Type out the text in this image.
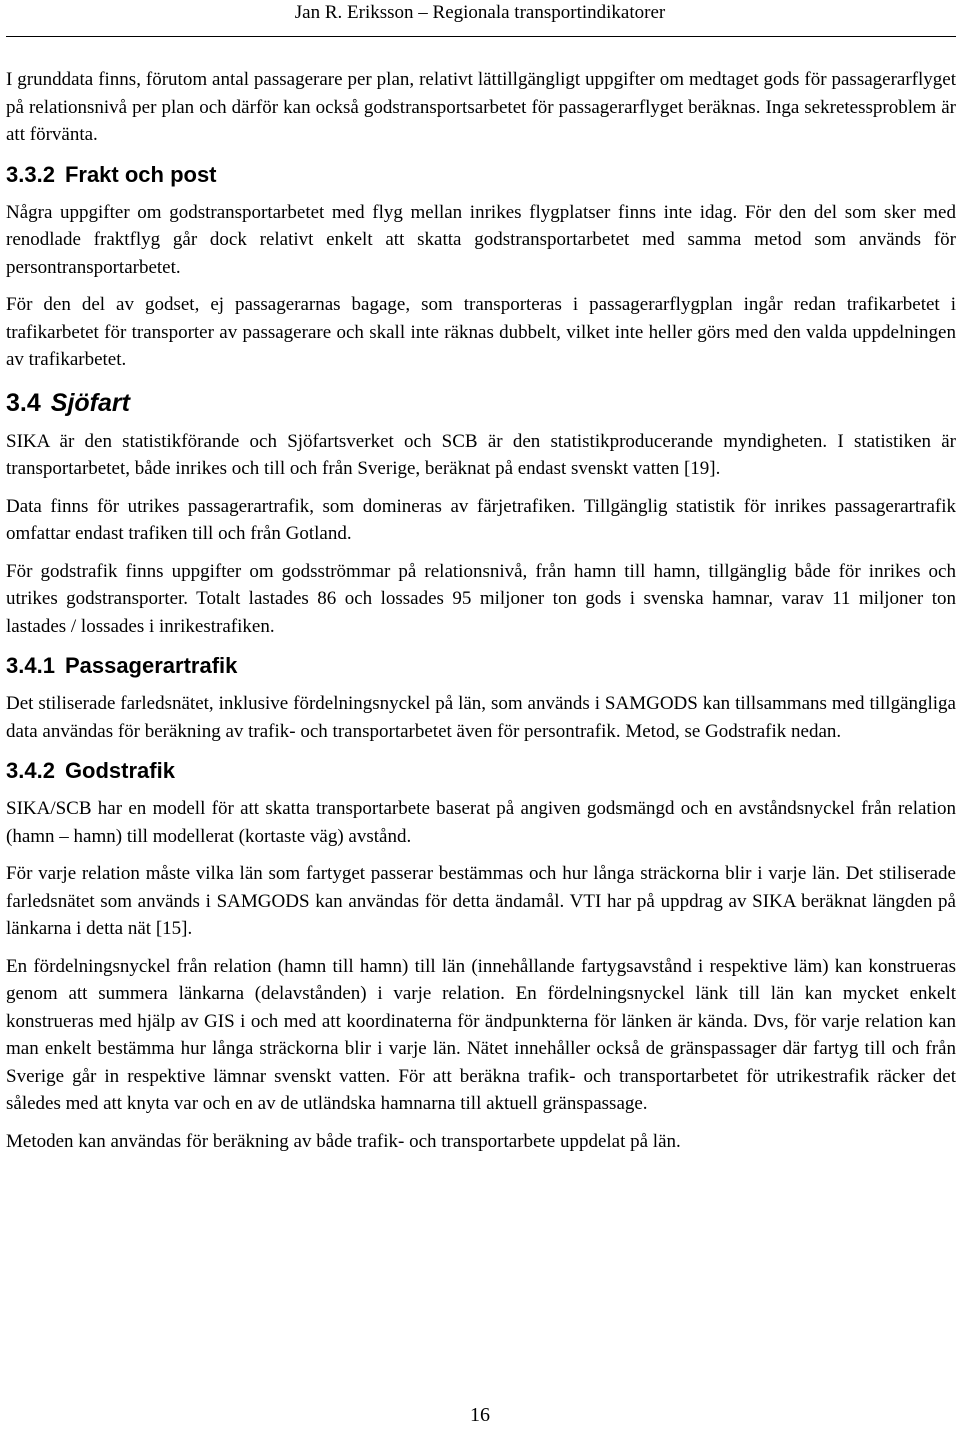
Jan R. Eriksson – Regionala transportindikatorer

I grunddata finns, förutom antal passagerare per plan, relativt lättillgängligt uppgifter om medtaget gods för passagerarflyget på relationsnivå per plan och därför kan också godstransportsarbetet för passagerarflyget beräknas. Inga sekretessproblem är att förvänta.

3.3.2 Frakt och post

Några uppgifter om godstransportarbetet med flyg mellan inrikes flygplatser finns inte idag. För den del som sker med renodlade fraktflyg går dock relativt enkelt att skatta godstransportarbetet med samma metod som används för persontransportarbetet.

För den del av godset, ej passagerarnas bagage, som transporteras i passagerarflygplan ingår redan trafikarbetet i trafikarbetet för transporter av passagerare och skall inte räknas dubbelt, vilket inte heller görs med den valda uppdelningen av trafikarbetet.

3.4 Sjöfart

SIKA är den statistikförande och Sjöfartsverket och SCB är den statistikproducerande myndigheten. I statistiken är transportarbetet, både inrikes och till och från Sverige, beräknat på endast svenskt vatten [19].

Data finns för utrikes passagerartrafik, som domineras av färjetrafiken. Tillgänglig statistik för inrikes passagerartrafik omfattar endast trafiken till och från Gotland.

För godstrafik finns uppgifter om godsströmmar på relationsnivå, från hamn till hamn, tillgänglig både för inrikes och utrikes godstransporter. Totalt lastades 86 och lossades 95 miljoner ton gods i svenska hamnar, varav 11 miljoner ton lastades / lossades i inrikestrafiken.

3.4.1 Passagerartrafik

Det stiliserade farledsnätet, inklusive fördelningsnyckel på län, som används i SAMGODS kan tillsammans med tillgängliga data användas för beräkning av trafik- och transportarbetet även för persontrafik. Metod, se Godstrafik nedan.

3.4.2 Godstrafik

SIKA/SCB har en modell för att skatta transportarbete baserat på angiven godsmängd och en avståndsnyckel från relation (hamn – hamn) till modellerat (kortaste väg) avstånd.

För varje relation måste vilka län som fartyget passerar bestämmas och hur långa sträckorna blir i varje län. Det stiliserade farledsnätet som används i SAMGODS kan användas för detta ändamål. VTI har på uppdrag av SIKA beräknat längden på länkarna i detta nät [15].

En fördelningsnyckel från relation (hamn till hamn) till län (innehållande fartygsavstånd i respektive läm) kan konstrueras genom att summera länkarna (delavstånden) i varje relation. En fördelningsnyckel länk till län kan mycket enkelt konstrueras med hjälp av GIS i och med att koordinaterna för ändpunkterna för länken är kända. Dvs, för varje relation kan man enkelt bestämma hur långa sträckorna blir i varje län. Nätet innehåller också de gränspassager där fartyg till och från Sverige går in respektive lämnar svenskt vatten. För att beräkna trafik- och transportarbetet för utrikestrafik räcker det således med att knyta var och en av de utländska hamnarna till aktuell gränspassage.

Metoden kan användas för beräkning av både trafik- och transportarbete uppdelat på län.

16
